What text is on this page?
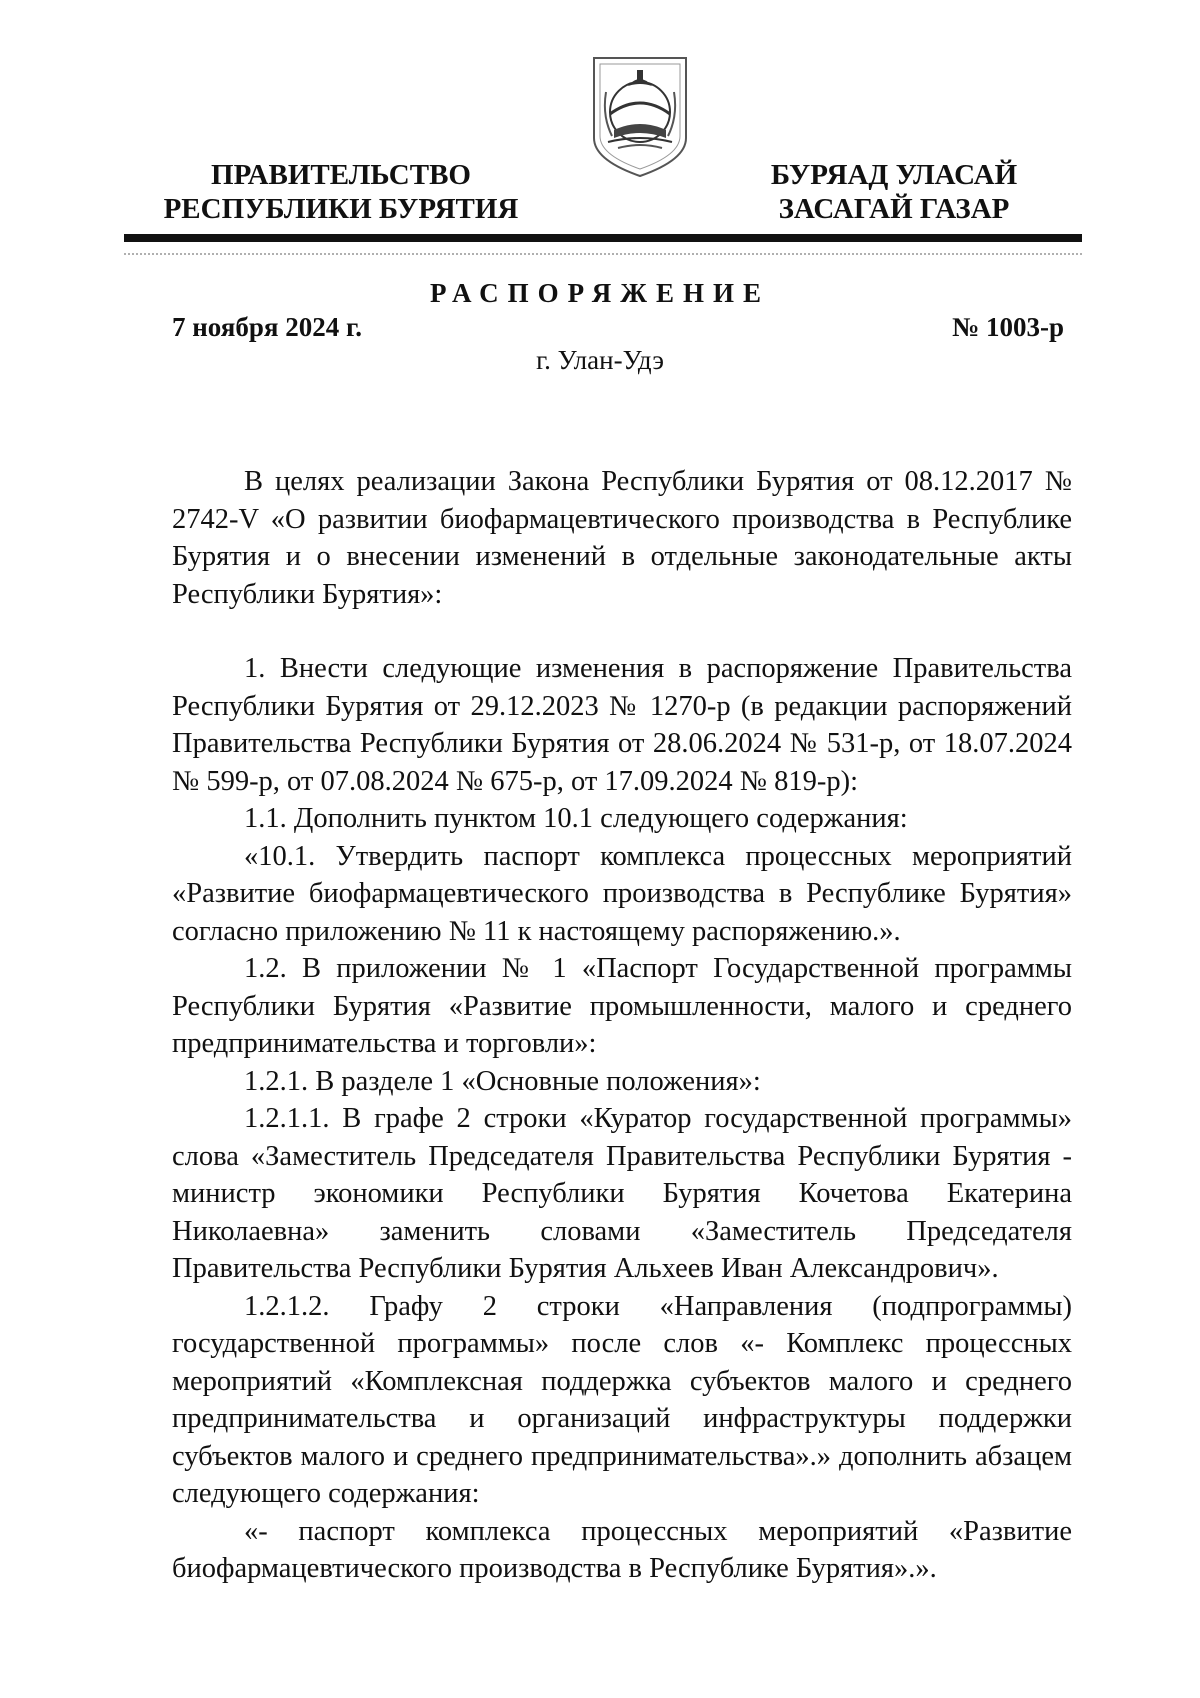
ПРАВИТЕЛЬСТВО
РЕСПУБЛИКИ БУРЯТИЯ
БУРЯАД УЛАСАЙ
ЗАСАГАЙ ГАЗАР
РАСПОРЯЖЕНИЕ
7 ноября 2024 г.	№ 1003-р
г. Улан-Удэ

В целях реализации Закона Республики Бурятия от 08.12.2017 № 2742-V «О развитии биофармацевтического производства в Республике Бурятия и о внесении изменений в отдельные законодательные акты Республики Бурятия»:

1. Внести следующие изменения в распоряжение Правительства Республики Бурятия от 29.12.2023 № 1270-р (в редакции распоряжений Правительства Республики Бурятия от 28.06.2024 № 531-р, от 18.07.2024 № 599-р, от 07.08.2024 № 675-р, от 17.09.2024 № 819-р):

1.1. Дополнить пунктом 10.1 следующего содержания:

«10.1. Утвердить паспорт комплекса процессных мероприятий «Развитие биофармацевтического производства в Республике Бурятия» согласно приложению № 11 к настоящему распоряжению.».

1.2. В приложении № 1 «Паспорт Государственной программы Республики Бурятия «Развитие промышленности, малого и среднего предпринимательства и торговли»:

1.2.1. В разделе 1 «Основные положения»:

1.2.1.1. В графе 2 строки «Куратор государственной программы» слова «Заместитель Председателя Правительства Республики Бурятия - министр экономики Республики Бурятия Кочетова Екатерина Николаевна» заменить словами «Заместитель Председателя Правительства Республики Бурятия Альхеев Иван Александрович».

1.2.1.2. Графу 2 строки «Направления (подпрограммы) государственной программы» после слов «- Комплекс процессных мероприятий «Комплексная поддержка субъектов малого и среднего предпринимательства и организаций инфраструктуры поддержки субъектов малого и среднего предпринимательства».» дополнить абзацем следующего содержания:

«- паспорт комплекса процессных мероприятий «Развитие биофармацевтического производства в Республике Бурятия».».
